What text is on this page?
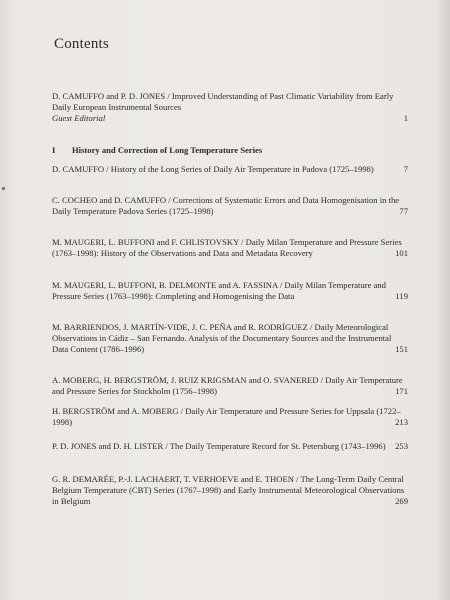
Contents
D. CAMUFFO and P. D. JONES / Improved Understanding of Past Climatic Variability from Early Daily European Instrumental Sources
Guest Editorial	1
I History and Correction of Long Temperature Series
D. CAMUFFO / History of the Long Series of Daily Air Temperature in Padova (1725–1998)	7
C. COCHEO and D. CAMUFFO / Corrections of Systematic Errors and Data Homogenisation in the Daily Temperature Padova Series (1725–1998)	77
M. MAUGERI, L. BUFFONI and F. CHLISTOVSKY / Daily Milan Temperature and Pressure Series (1763–1998): History of the Observations and Data and Metadata Recovery	101
M. MAUGERI, L. BUFFONI, B. DELMONTE and A. FASSINA / Daily Milan Temperature and Pressure Series (1763–1998): Completing and Homogenising the Data	119
M. BARRIENDOS, J. MARTÍN-VIDE, J. C. PEÑA and R. RODRÍGUEZ / Daily Meteorological Observations in Cádiz – San Fernando. Analysis of the Documentary Sources and the Instrumental Data Content (1786–1996)	151
A. MOBERG, H. BERGSTRÖM, J. RUIZ KRIGSMAN and O. SVANERED / Daily Air Temperature and Pressure Series for Stockholm (1756–1998)	171
H. BERGSTRÖM and A. MOBERG / Daily Air Temperature and Pressure Series for Uppsala (1722–1998)	213
P. D. JONES and D. H. LISTER / The Daily Temperature Record for St. Petersburg (1743–1996)	253
G. R. DEMARÉE, P.-J. LACHAERT, T. VERHOEVE and E. THOEN / The Long-Term Daily Central Belgium Temperature (CBT) Series (1767–1998) and Early Instrumental Meteorological Observations in Belgium	269
